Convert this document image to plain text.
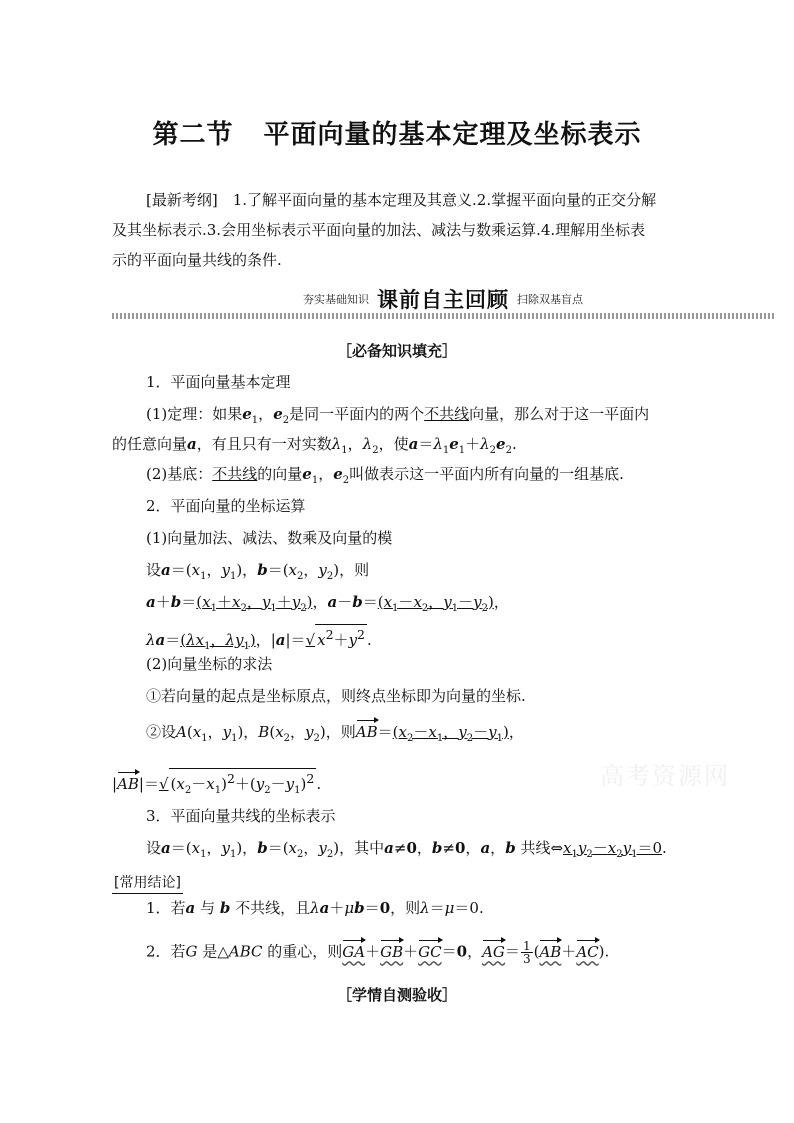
第二节 平面向量的基本定理及坐标表示
[最新考纲]　1.了解平面向量的基本定理及其意义.2.掌握平面向量的正交分解
及其坐标表示.3.会用坐标表示平面向量的加法、减法与数乘运算.4.理解用坐标表
示的平面向量共线的条件.
夯实基础知识 课前自主回顾 扫除双基盲点
［必备知识填充］
1．平面向量基本定理
(1)定理：如果$e_1$，$e_2$是同一平面内的两个不共线向量，那么对于这一平面内
的任意向量a，有且只有一对实数$\lambda_1$，$\lambda_2$，使$a=\lambda_1e_1+\lambda_2e_2$.
(2)基底：不共线的向量$e_1$，$e_2$叫做表示这一平面内所有向量的一组基底.
2．平面向量的坐标运算
(1)向量加法、减法、数乘及向量的模
设$a=(x_1$，$y_1$)，$b=(x_2$，$y_2$)，则
$a+b=(x_1+x_2$，$y_1+y_2$)，$a-b=(x_1-x_2$，$y_1-y_2$)，
$\lambda a=(\lambda x_1$，$\lambda y_1$)，|a|＝√ $x^2+y^2$ .
(2)向量坐标的求法
①若向量的起点是坐标原点，则终点坐标即为向量的坐标.
②设$A(x_1$，$y_1$)，$B(x_2$，$y_2$)，则$AB=(x_2-x_1$，$y_2-y_1$)，
|AB|＝√ $(x_2-x_1)^2+(y_2-y_1)^2$ .	高考资源网
3．平面向量共线的坐标表示
设$a=(x_1$，$y_1$)，$b=(x_2$，$y_2$)，其中a≠0，b≠0，a，b 共线$\Leftrightarrow x_1y_2-x_2y_1=0$.
[常用结论]
1．若a 与 b 不共线，且λa＋μb＝0，则λ＝μ＝0.
2．若G 是△ABC 的重心，则GA＋GB＋GC＝0，$AG= \frac{1}{3} (AB+AC)$.
［学情自测验收］
